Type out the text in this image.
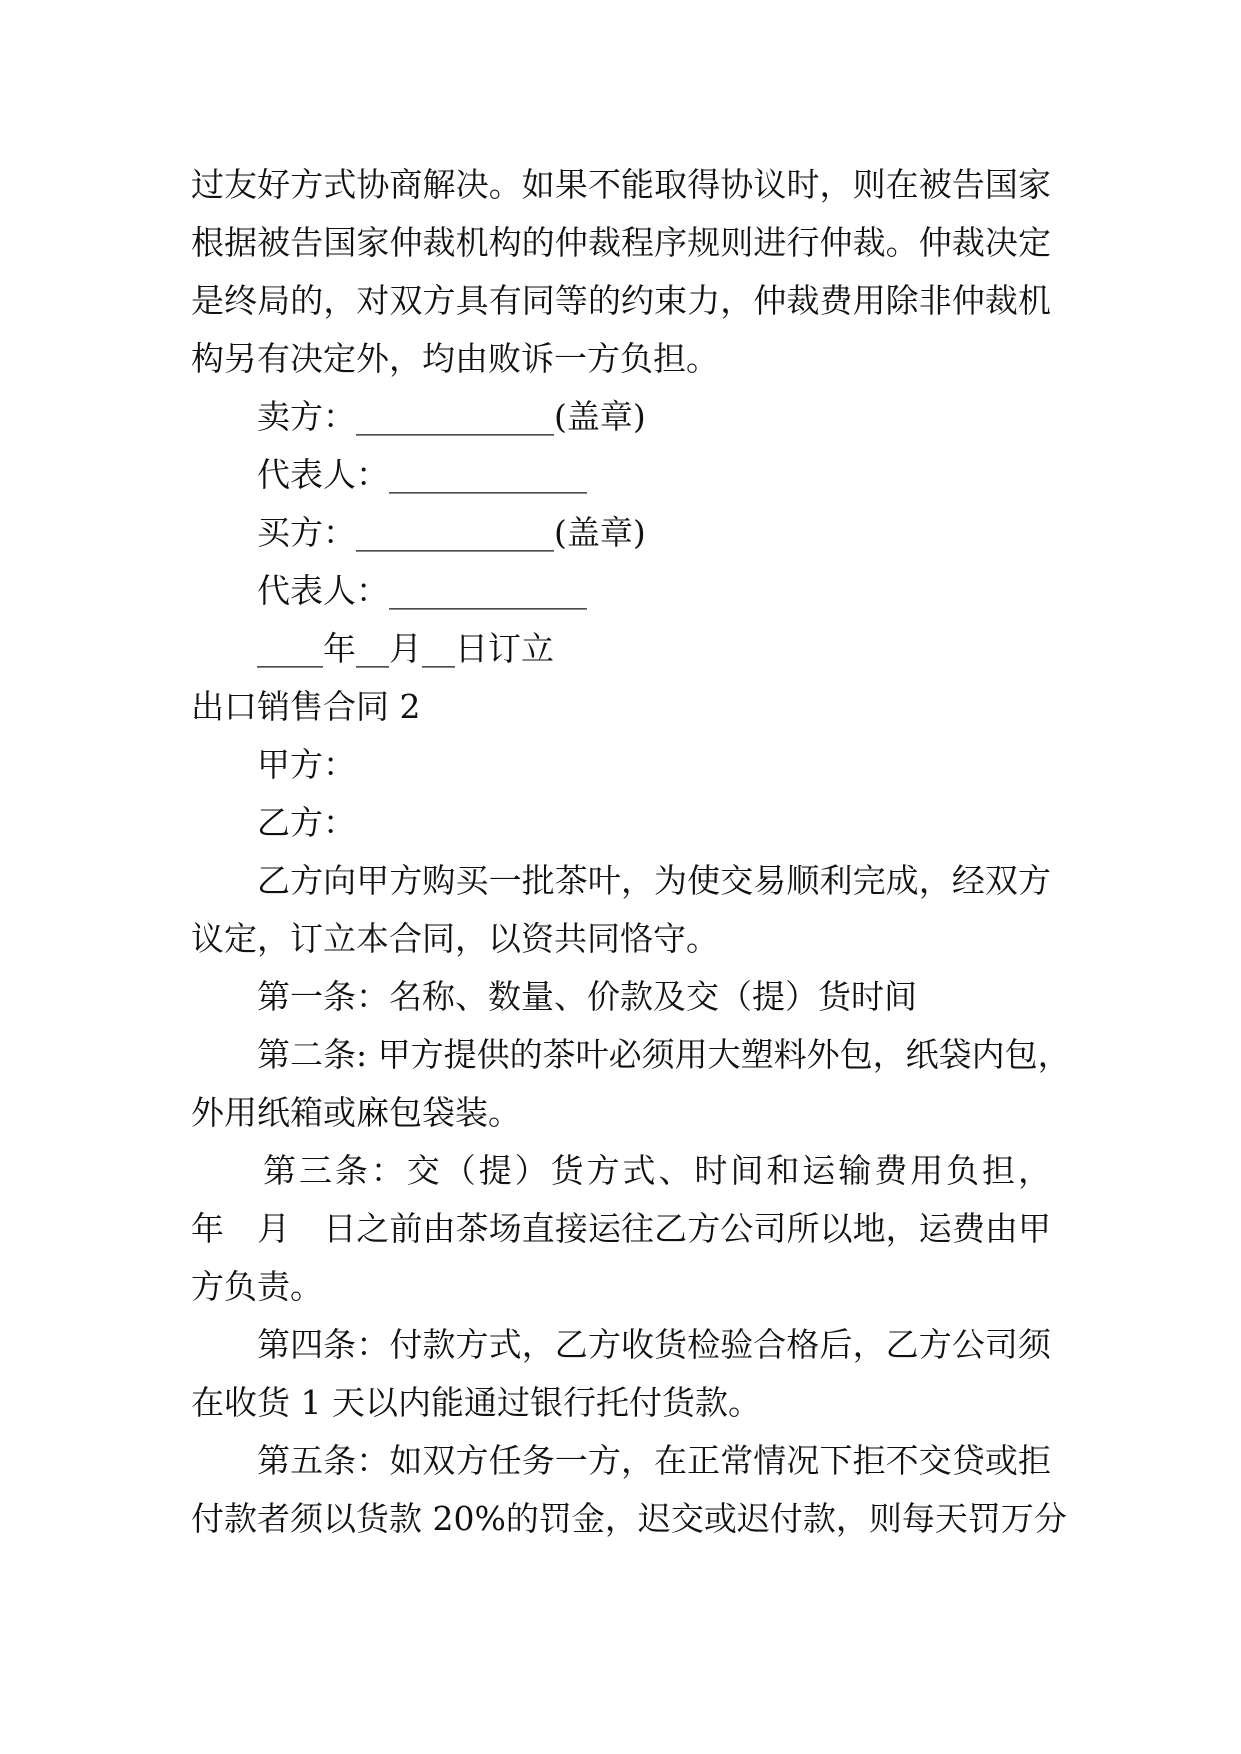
过友好方式协商解决。如果不能取得协议时，则在被告国家
根据被告国家仲裁机构的仲裁程序规则进行仲裁。仲裁决定
是终局的，对双方具有同等的约束力，仲裁费用除非仲裁机
构另有决定外，均由败诉一方负担。
卖方：____________(盖章)
代表人：____________
买方：____________(盖章)
代表人：____________
____年__月__日订立
出口销售合同 2
甲方：
乙方：
乙方向甲方购买一批茶叶，为使交易顺利完成，经双方
议定，订立本合同，以资共同恪守。
第一条：名称、数量、价款及交（提）货时间
第二条: 甲方提供的茶叶必须用大塑料外包，纸袋内包，
外用纸箱或麻包袋装。
第三条：交（提）货方式、时间和运输费用负担，
年　月　日之前由茶场直接运往乙方公司所以地，运费由甲
方负责。
第四条：付款方式，乙方收货检验合格后，乙方公司须
在收货 1 天以内能通过银行托付货款。
第五条：如双方任务一方，在正常情况下拒不交贷或拒
付款者须以货款 20%的罚金，迟交或迟付款，则每天罚万分
